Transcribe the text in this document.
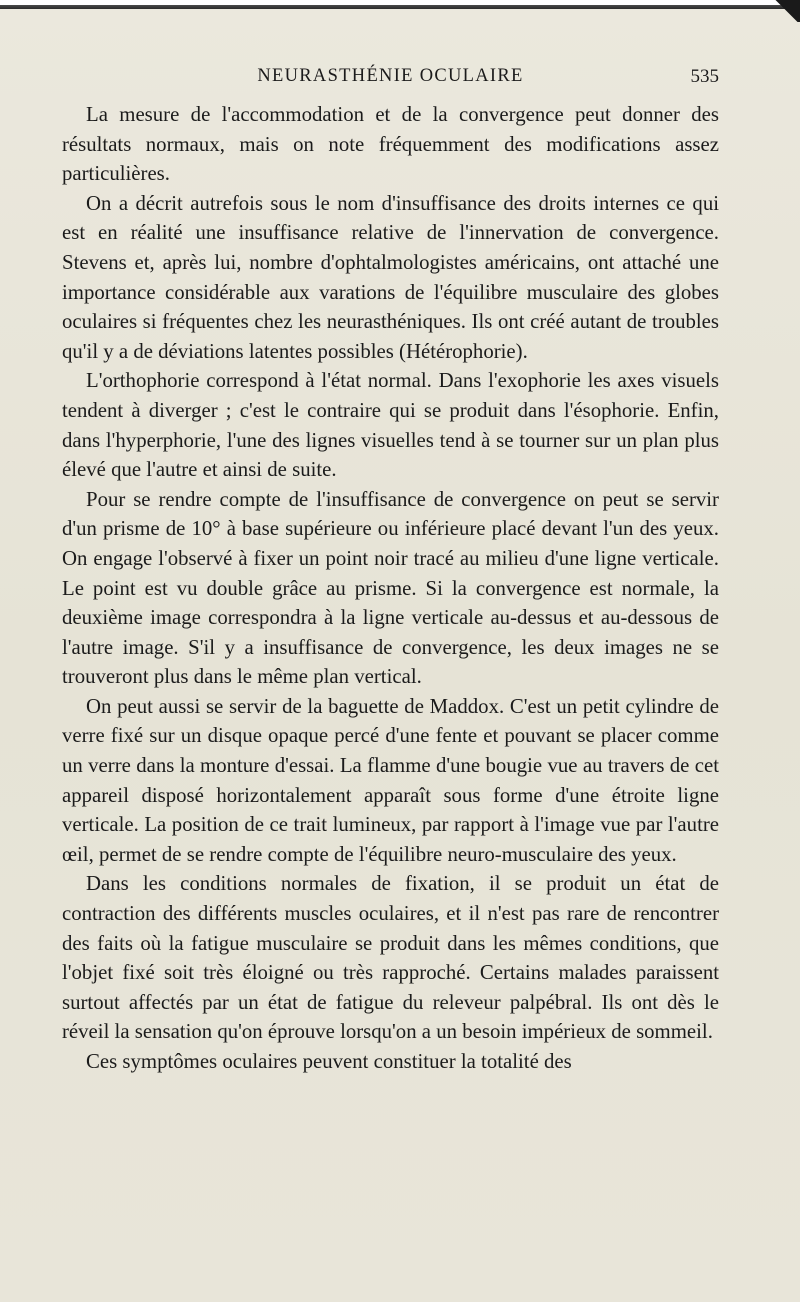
NEURASTHÉNIE OCULAIRE	535

La mesure de l'accommodation et de la convergence peut donner des résultats normaux, mais on note fréquemment des modifications assez particulières.

On a décrit autrefois sous le nom d'insuffisance des droits internes ce qui est en réalité une insuffisance relative de l'innervation de convergence. Stevens et, après lui, nombre d'ophtalmologistes américains, ont attaché une importance considérable aux varations de l'équilibre musculaire des globes oculaires si fréquentes chez les neurasthéniques. Ils ont créé autant de troubles qu'il y a de déviations latentes possibles (Hétérophorie).

L'orthophorie correspond à l'état normal. Dans l'exophorie les axes visuels tendent à diverger ; c'est le contraire qui se produit dans l'ésophorie. Enfin, dans l'hyperphorie, l'une des lignes visuelles tend à se tourner sur un plan plus élevé que l'autre et ainsi de suite.

Pour se rendre compte de l'insuffisance de convergence on peut se servir d'un prisme de 10° à base supérieure ou inférieure placé devant l'un des yeux. On engage l'observé à fixer un point noir tracé au milieu d'une ligne verticale. Le point est vu double grâce au prisme. Si la convergence est normale, la deuxième image correspondra à la ligne verticale au-dessus et au-dessous de l'autre image. S'il y a insuffisance de convergence, les deux images ne se trouveront plus dans le même plan vertical.

On peut aussi se servir de la baguette de Maddox. C'est un petit cylindre de verre fixé sur un disque opaque percé d'une fente et pouvant se placer comme un verre dans la monture d'essai. La flamme d'une bougie vue au travers de cet appareil disposé horizontalement apparaît sous forme d'une étroite ligne verticale. La position de ce trait lumineux, par rapport à l'image vue par l'autre œil, permet de se rendre compte de l'équilibre neuro-musculaire des yeux.

Dans les conditions normales de fixation, il se produit un état de contraction des différents muscles oculaires, et il n'est pas rare de rencontrer des faits où la fatigue musculaire se produit dans les mêmes conditions, que l'objet fixé soit très éloigné ou très rapproché. Certains malades paraissent surtout affectés par un état de fatigue du releveur palpébral. Ils ont dès le réveil la sensation qu'on éprouve lorsqu'on a un besoin impérieux de sommeil.

Ces symptômes oculaires peuvent constituer la totalité des
